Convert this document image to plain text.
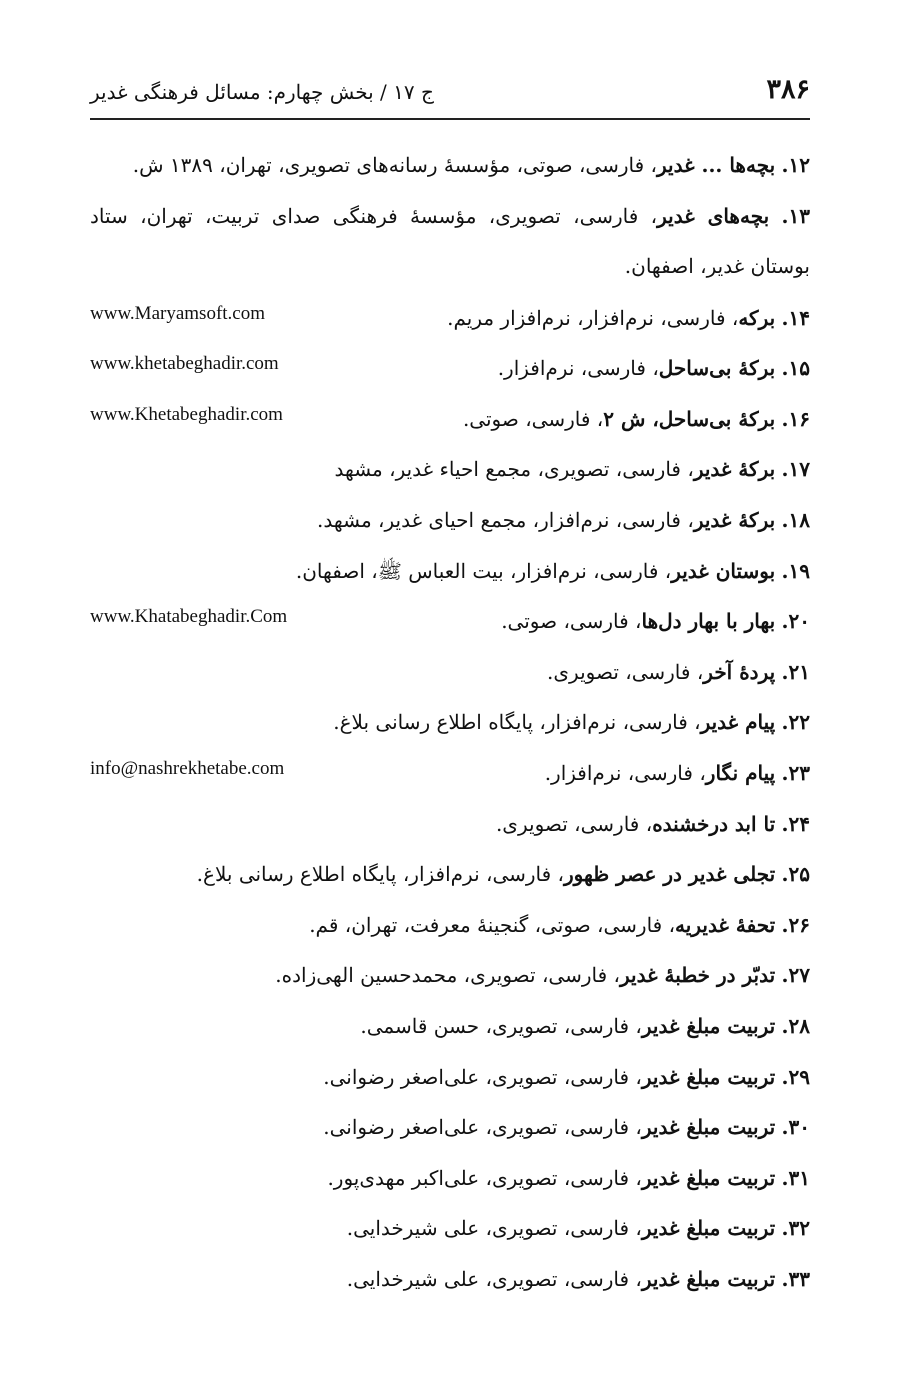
۳۸۶
ج ۱۷ / بخش چهارم: مسائل فرهنگی غدیر
۱۲. بچه‌ها ... غدیر، فارسی، صوتی، مؤسسهٔ رسانه‌های تصویری، تهران، ۱۳۸۹ ش.
۱۳. بچه‌های غدیر، فارسی، تصویری، مؤسسهٔ فرهنگی صدای تربیت، تهران، ستاد بوستان غدیر، اصفهان.
۱۴. برکه، فارسی، نرم‌افزار، نرم‌افزار مریم.
www.Maryamsoft.com
۱۵. برکهٔ بی‌ساحل، فارسی، نرم‌افزار.
www.khetabeghadir.com
۱۶. برکهٔ بی‌ساحل، ش ۲، فارسی، صوتی.
www.Khetabeghadir.com
۱۷. برکهٔ غدیر، فارسی، تصویری، مجمع احیاء غدیر، مشهد
۱۸. برکهٔ غدیر، فارسی، نرم‌افزار، مجمع احیای غدیر، مشهد.
۱۹. بوستان غدیر، فارسی، نرم‌افزار، بیت العباس ﷺ، اصفهان.
۲۰. بهار با بهار دل‌ها، فارسی، صوتی.
www.Khatabeghadir.Com
۲۱. پردهٔ آخر، فارسی، تصویری.
۲۲. پیام غدیر، فارسی، نرم‌افزار، پایگاه اطلاع رسانی بلاغ.
۲۳. پیام نگار، فارسی، نرم‌افزار.
info@nashrekhetabe.com
۲۴. تا ابد درخشنده، فارسی، تصویری.
۲۵. تجلی غدیر در عصر ظهور، فارسی، نرم‌افزار، پایگاه اطلاع رسانی بلاغ.
۲۶. تحفهٔ غدیریه، فارسی، صوتی، گنجینهٔ معرفت، تهران، قم.
۲۷. تدبّر در خطبهٔ غدیر، فارسی، تصویری، محمدحسین الهی‌زاده.
۲۸. تربیت مبلغ غدیر، فارسی، تصویری، حسن قاسمی.
۲۹. تربیت مبلغ غدیر، فارسی، تصویری، علی‌اصغر رضوانی.
۳۰. تربیت مبلغ غدیر، فارسی، تصویری، علی‌اصغر رضوانی.
۳۱. تربیت مبلغ غدیر، فارسی، تصویری، علی‌اکبر مهدی‌پور.
۳۲. تربیت مبلغ غدیر، فارسی، تصویری، علی شیرخدایی.
۳۳. تربیت مبلغ غدیر، فارسی، تصویری، علی شیرخدایی.
